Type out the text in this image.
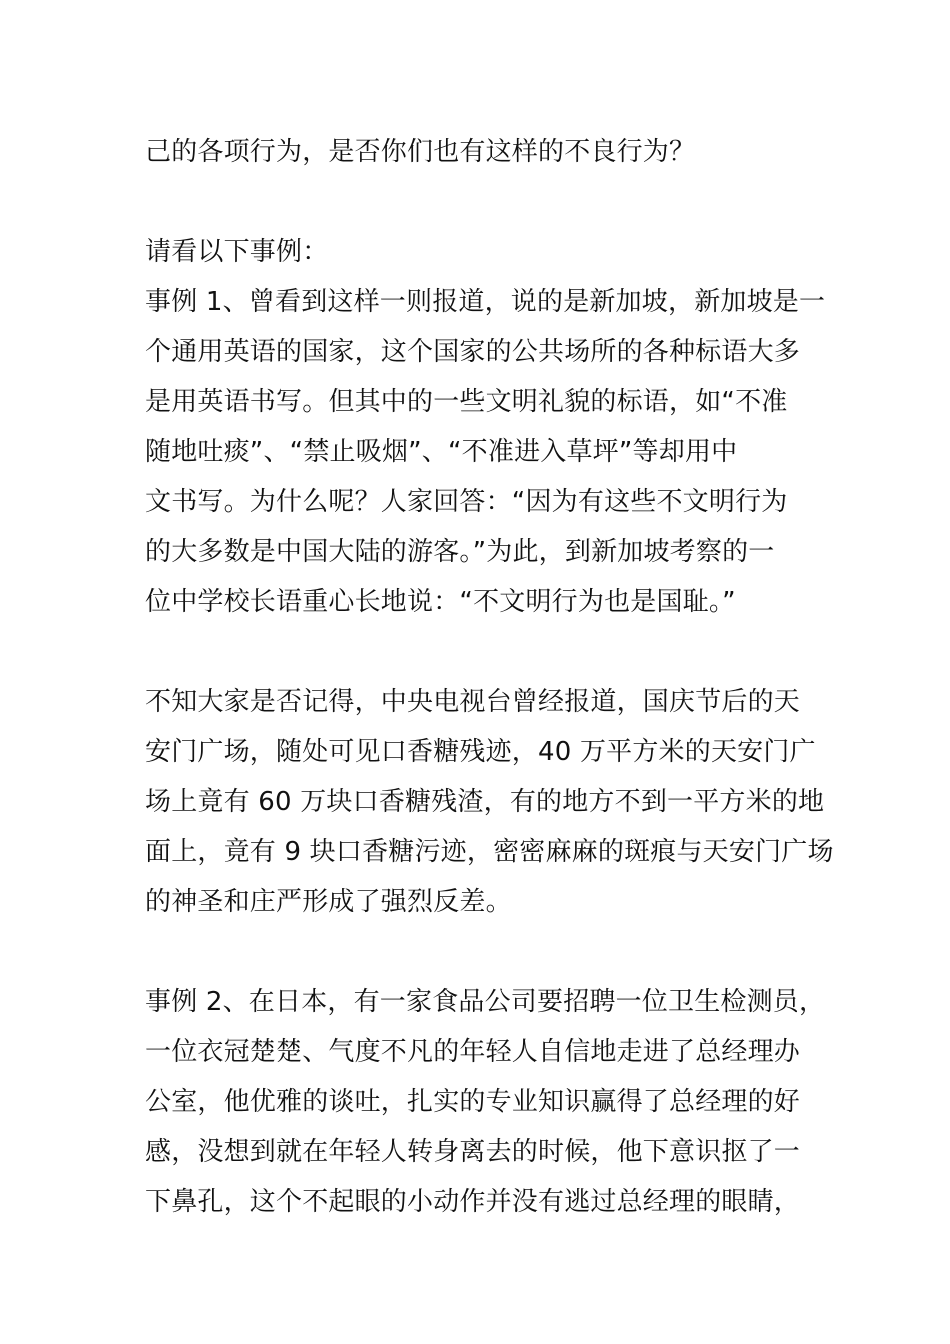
己的各项行为，是否你们也有这样的不良行为？
请看以下事例：
事例 1、曾看到这样一则报道，说的是新加坡，新加坡是一
个通用英语的国家，这个国家的公共场所的各种标语大多
是用英语书写。但其中的一些文明礼貌的标语，如“不准
随地吐痰”、“禁止吸烟”、“不准进入草坪”等却用中
文书写。为什么呢？人家回答：“因为有这些不文明行为
的大多数是中国大陆的游客。”为此，到新加坡考察的一
位中学校长语重心长地说：“不文明行为也是国耻。”
不知大家是否记得，中央电视台曾经报道，国庆节后的天
安门广场，随处可见口香糖残迹，40 万平方米的天安门广
场上竟有 60 万块口香糖残渣，有的地方不到一平方米的地
面上，竟有 9 块口香糖污迹，密密麻麻的斑痕与天安门广场
的神圣和庄严形成了强烈反差。
事例 2、在日本，有一家食品公司要招聘一位卫生检测员，
一位衣冠楚楚、气度不凡的年轻人自信地走进了总经理办
公室，他优雅的谈吐，扎实的专业知识赢得了总经理的好
感，没想到就在年轻人转身离去的时候，他下意识抠了一
下鼻孔，这个不起眼的小动作并没有逃过总经理的眼睛，
